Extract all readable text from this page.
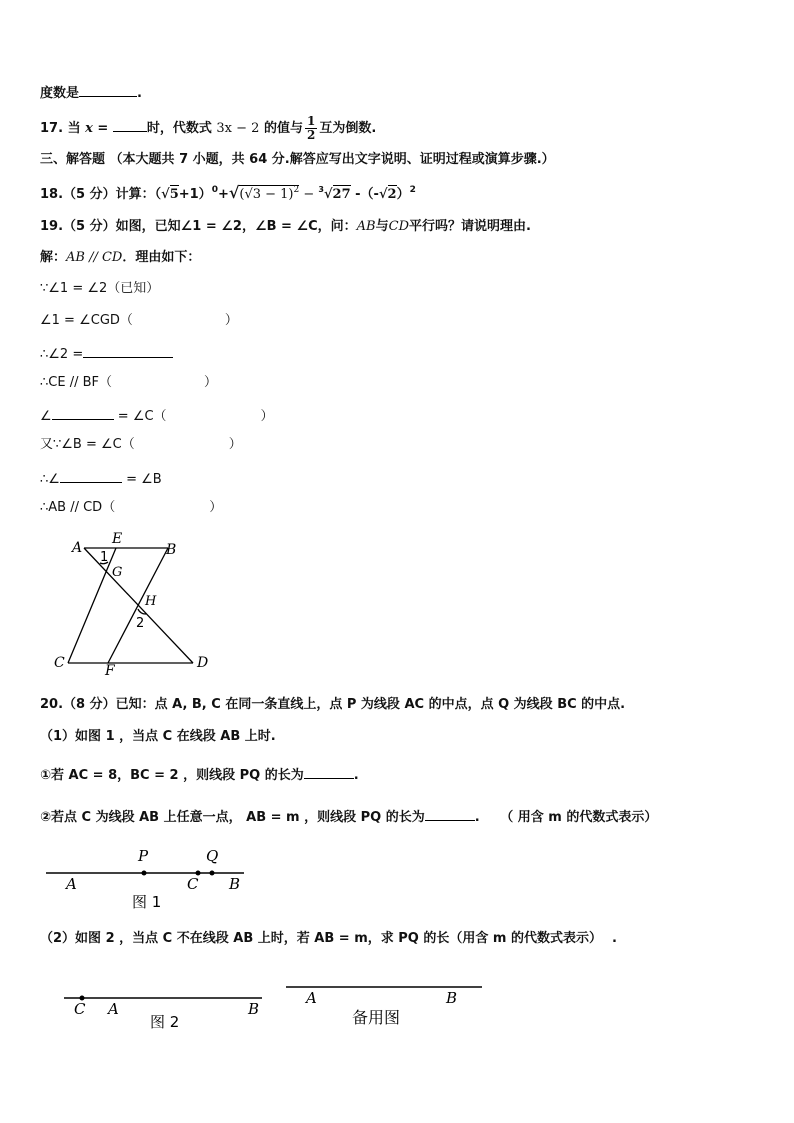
度数是	.
17. 当 x =	时，代数式 3x − 2 的值与 $\frac{1}{2}$ 互为倒数.
三、解答题 （本大题共 7 小题，共 64 分.解答应写出文字说明、证明过程或演算步骤.）
18.（5 分）计算：$(√5+1)^0+√(√3 - 1)^2 - ^3√27$ $-(-√2)^2$
19.（5 分）如图，已知∠1 = ∠2，∠B = ∠C，问：AB与CD平行吗？请说明理由.
解：AB // CD．理由如下：
∵∠1 = ∠2（已知）
∠1 = ∠CGD（	）
∴∠2 =
∴CE // BF（	）
∠	= ∠C（	）
又∵∠B = ∠C（	）
∴∠	= ∠B
∴AB // CD（	）
A
E
B
1
G
H
2
C	F	D
20.（8 分）已知：点 A, B, C 在同一条直线上，点 P 为线段 AC 的中点，点 Q 为线段 BC 的中点.
（1）如图 1 ，当点 C 在线段 AB 上时.
①若 AC = 8，BC = 2 ，则线段 PQ 的长为	.
②若点 C 为线段 AB 上任意一点， AB = m ，则线段 PQ 的长为	. （ 用含 m 的代数式表示）
P	Q
A	C B
图 1
（2）如图 2 ，当点 C 不在线段 AB 上时，若 AB = m，求 PQ 的长（用含 m 的代数式表示） .
C A	B
图 2
A	B
备用图
